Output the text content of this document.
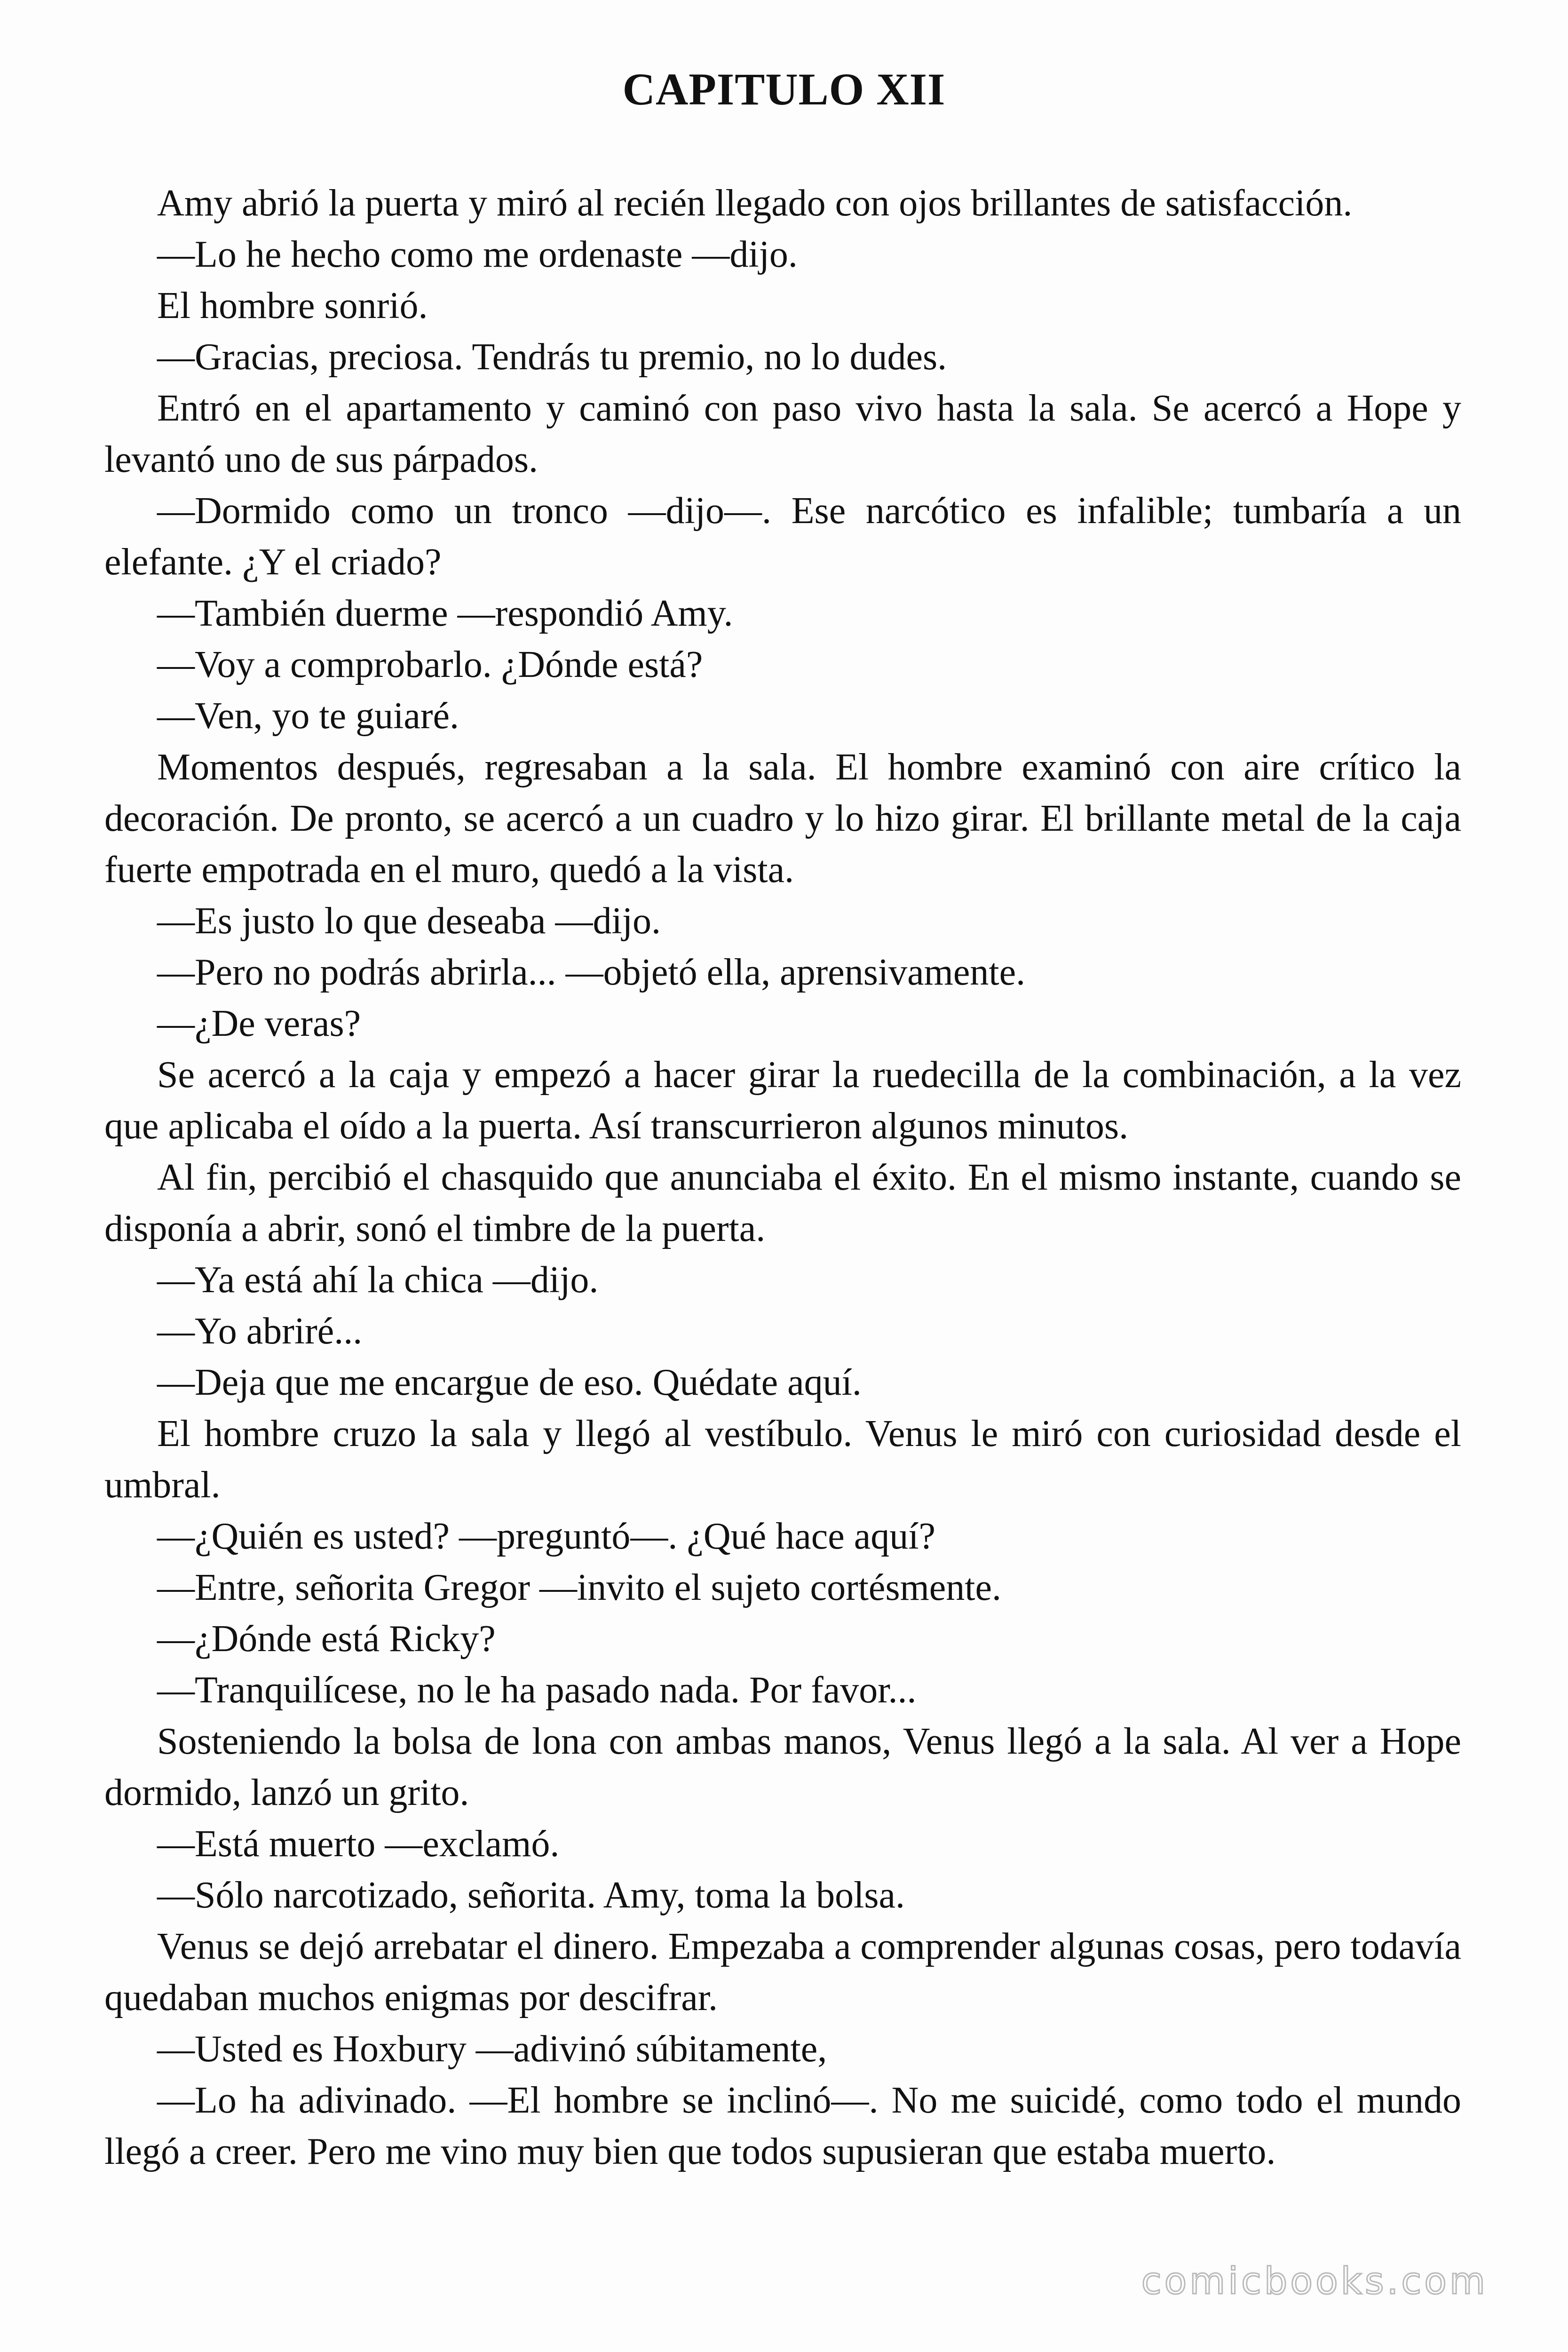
CAPITULO XII

Amy abrió la puerta y miró al recién llegado con ojos brillantes de satisfacción.

—Lo he hecho como me ordenaste —dijo.

El hombre sonrió.

—Gracias, preciosa. Tendrás tu premio, no lo dudes.

Entró en el apartamento y caminó con paso vivo hasta la sala. Se acercó a Hope y levantó uno de sus párpados.

—Dormido como un tronco —dijo—. Ese narcótico es infalible; tumbaría a un elefante. ¿Y el criado?

—También duerme —respondió Amy.

—Voy a comprobarlo. ¿Dónde está?

—Ven, yo te guiaré.

Momentos después, regresaban a la sala. El hombre examinó con aire crítico la decoración. De pronto, se acercó a un cuadro y lo hizo girar. El brillante metal de la caja fuerte empotrada en el muro, quedó a la vista.

—Es justo lo que deseaba —dijo.

—Pero no podrás abrirla... —objetó ella, aprensivamente.

—¿De veras?

Se acercó a la caja y empezó a hacer girar la ruedecilla de la combinación, a la vez que aplicaba el oído a la puerta. Así transcurrieron algunos minutos.

Al fin, percibió el chasquido que anunciaba el éxito. En el mismo instante, cuando se disponía a abrir, sonó el timbre de la puerta.

—Ya está ahí la chica —dijo.

—Yo abriré...

—Deja que me encargue de eso. Quédate aquí.

El hombre cruzo la sala y llegó al vestíbulo. Venus le miró con curiosidad desde el umbral.

—¿Quién es usted? —preguntó—. ¿Qué hace aquí?

—Entre, señorita Gregor —invito el sujeto cortésmente.

—¿Dónde está Ricky?

—Tranquilícese, no le ha pasado nada. Por favor...

Sosteniendo la bolsa de lona con ambas manos, Venus llegó a la sala. Al ver a Hope dormido, lanzó un grito.

—Está muerto —exclamó.

—Sólo narcotizado, señorita. Amy, toma la bolsa.

Venus se dejó arrebatar el dinero. Empezaba a comprender algunas cosas, pero todavía quedaban muchos enigmas por descifrar.

—Usted es Hoxbury —adivinó súbitamente,

—Lo ha adivinado. —El hombre se inclinó—. No me suicidé, como todo el mundo llegó a creer. Pero me vino muy bien que todos supusieran que estaba muerto.

comicbooks.com
